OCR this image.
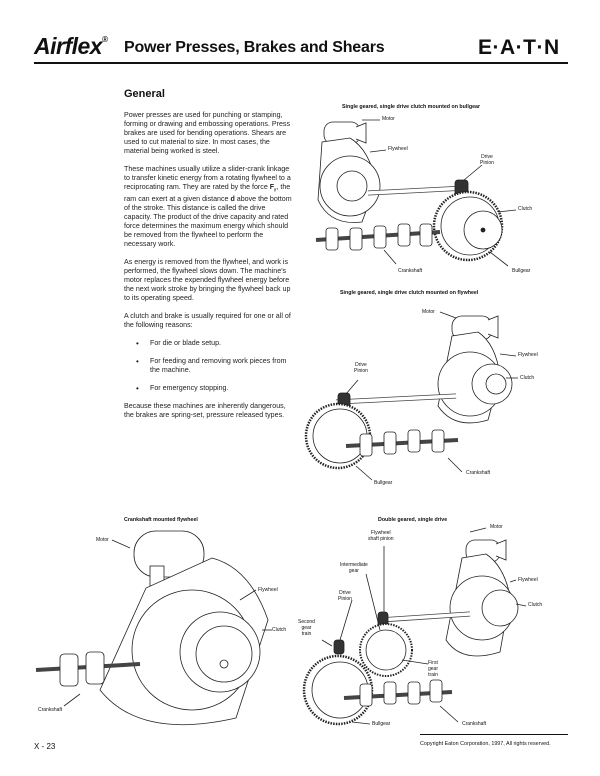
Airflex® Power Presses, Brakes and Shears	E·A·T·N
General

Power presses are used for punching or stamping, forming or drawing and embossing operations. Press brakes are used for bending operations. Shears are used to cut material to size. In most cases, the material being worked is steel.

These machines usually utilize a slider-crank linkage to transfer kinetic energy from a rotating flywheel to a reciprocating ram. They are rated by the force $F_r$, the ram can exert at a given distance d above the bottom of the stroke. This distance is called the drive capacity. The product of the drive capacity and rated force determines the maximum energy which should be removed from the flywheel to perform the necessary work.

As energy is removed from the flywheel, and work is performed, the flywheel slows down. The machine's motor replaces the expended flywheel energy before the next work stroke by bringing the flywheel back up to its operating speed.

A clutch and brake is usually required for one or all of the following reasons:

• For die or blade setup.
• For feeding and removing work pieces from the machine.
• For emergency stopping.

Because these machines are inherently dangerous, the brakes are spring-set, pressure released types.

Single geared, single drive clutch mounted on bullgear
Motor
Flywheel
Drive
Pinion
Clutch
Crankshaft	Bullgear
Single geared, single drive clutch mounted on flywheel
Motor
Flywheel
Clutch
Drive
Pinion
Crankshaft
Bullgear
Crankshaft mounted flywheel
Motor
Flywheel
Clutch
Crankshaft
Double geared, single drive
Motor
Flywheel
shaft pinion
Intermediate
gear
Drive
Pinion
Second
gear
train
Flywheel
Clutch
First
gear
train
Bullgear	Crankshaft
X - 23	Copyright Eaton Corporation, 1997, All rights reserved.
